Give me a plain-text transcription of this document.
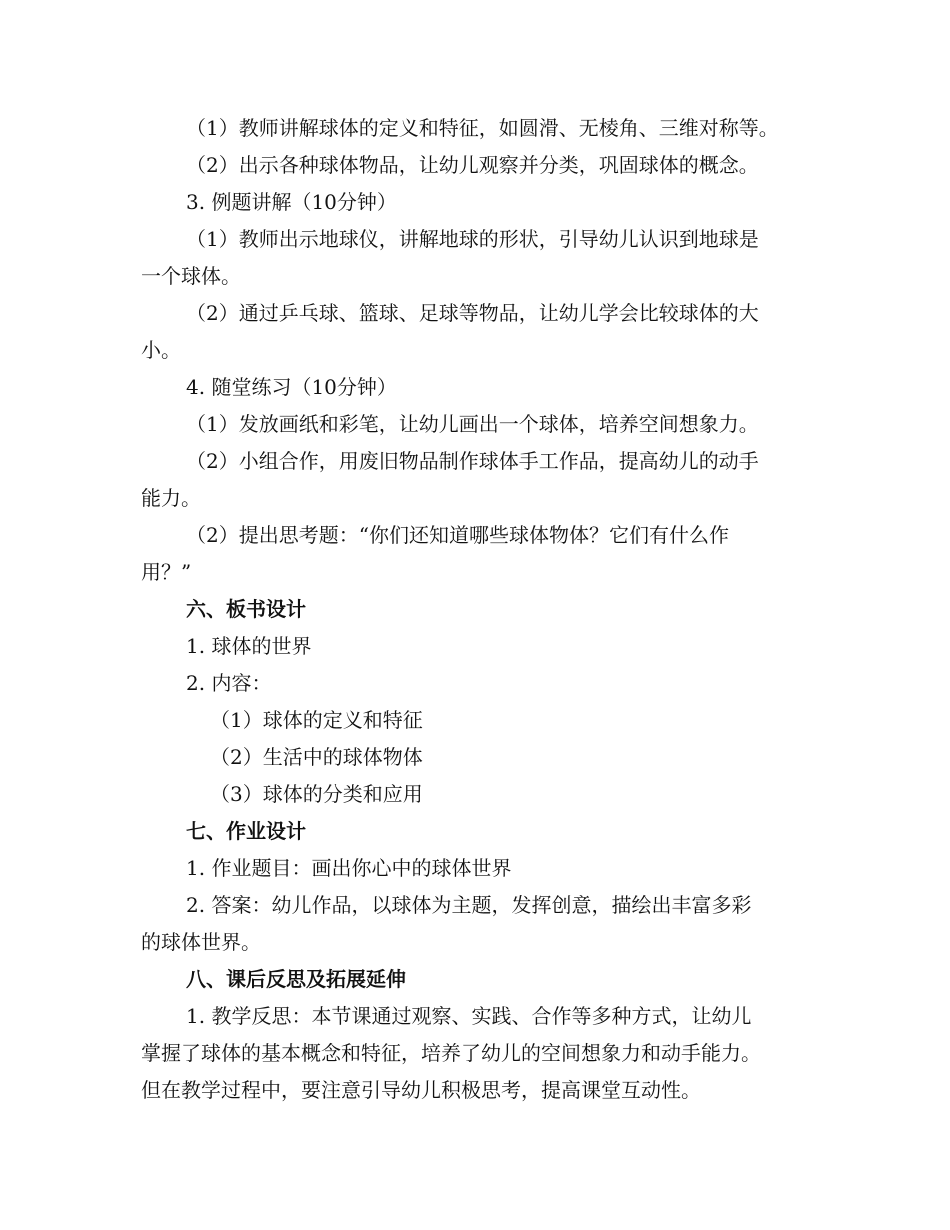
（1）教师讲解球体的定义和特征，如圆滑、无棱角、三维对称等。
（2）出示各种球体物品，让幼儿观察并分类，巩固球体的概念。
3. 例题讲解（10分钟）
（1）教师出示地球仪，讲解地球的形状，引导幼儿认识到地球是
一个球体。
（2）通过乒乓球、篮球、足球等物品，让幼儿学会比较球体的大
小。
4. 随堂练习（10分钟）
（1）发放画纸和彩笔，让幼儿画出一个球体，培养空间想象力。
（2）小组合作，用废旧物品制作球体手工作品，提高幼儿的动手
能力。
（2）提出思考题：“你们还知道哪些球体物体？它们有什么作
用？”
六、板书设计
1. 球体的世界
2. 内容：
（1）球体的定义和特征
（2）生活中的球体物体
（3）球体的分类和应用
七、作业设计
1. 作业题目：画出你心中的球体世界
2. 答案：幼儿作品，以球体为主题，发挥创意，描绘出丰富多彩
的球体世界。
八、课后反思及拓展延伸
1. 教学反思：本节课通过观察、实践、合作等多种方式，让幼儿
掌握了球体的基本概念和特征，培养了幼儿的空间想象力和动手能力。
但在教学过程中，要注意引导幼儿积极思考，提高课堂互动性。
